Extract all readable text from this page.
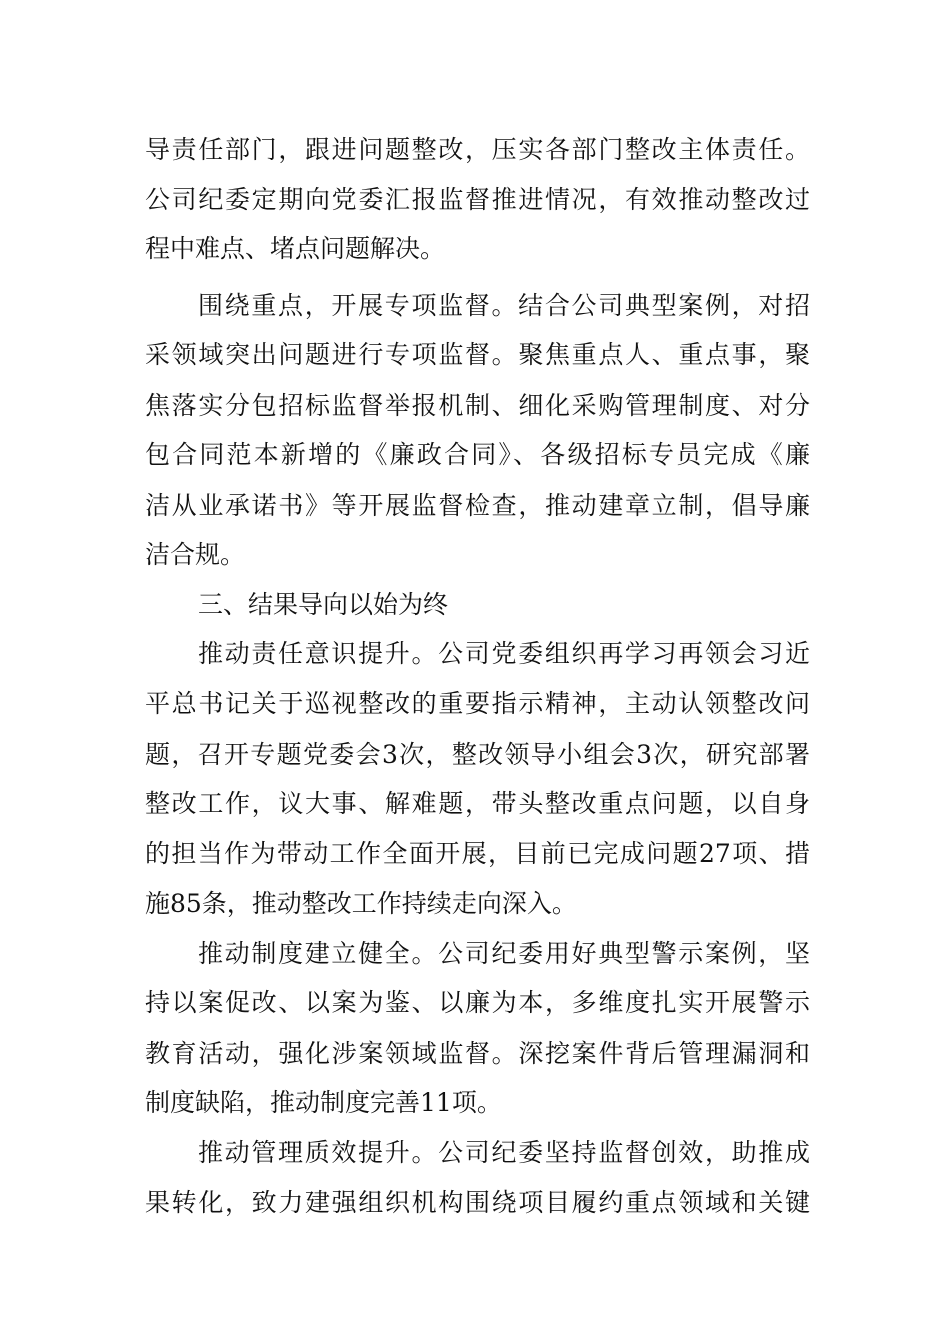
导责任部门，跟进问题整改，压实各部门整改主体责任。
公司纪委定期向党委汇报监督推进情况，有效推动整改过
程中难点、堵点问题解决。
围绕重点，开展专项监督。结合公司典型案例，对招
采领域突出问题进行专项监督。聚焦重点人、重点事，聚
焦落实分包招标监督举报机制、细化采购管理制度、对分
包合同范本新增的《廉政合同》、各级招标专员完成《廉
洁从业承诺书》等开展监督检查，推动建章立制，倡导廉
洁合规。
三、结果导向以始为终
推动责任意识提升。公司党委组织再学习再领会习近
平总书记关于巡视整改的重要指示精神，主动认领整改问
题，召开专题党委会3次，整改领导小组会3次，研究部署
整改工作，议大事、解难题，带头整改重点问题，以自身
的担当作为带动工作全面开展，目前已完成问题27项、措
施85条，推动整改工作持续走向深入。
推动制度建立健全。公司纪委用好典型警示案例，坚
持以案促改、以案为鉴、以廉为本，多维度扎实开展警示
教育活动，强化涉案领域监督。深挖案件背后管理漏洞和
制度缺陷，推动制度完善11项。
推动管理质效提升。公司纪委坚持监督创效，助推成
果转化，致力建强组织机构围绕项目履约重点领域和关键
